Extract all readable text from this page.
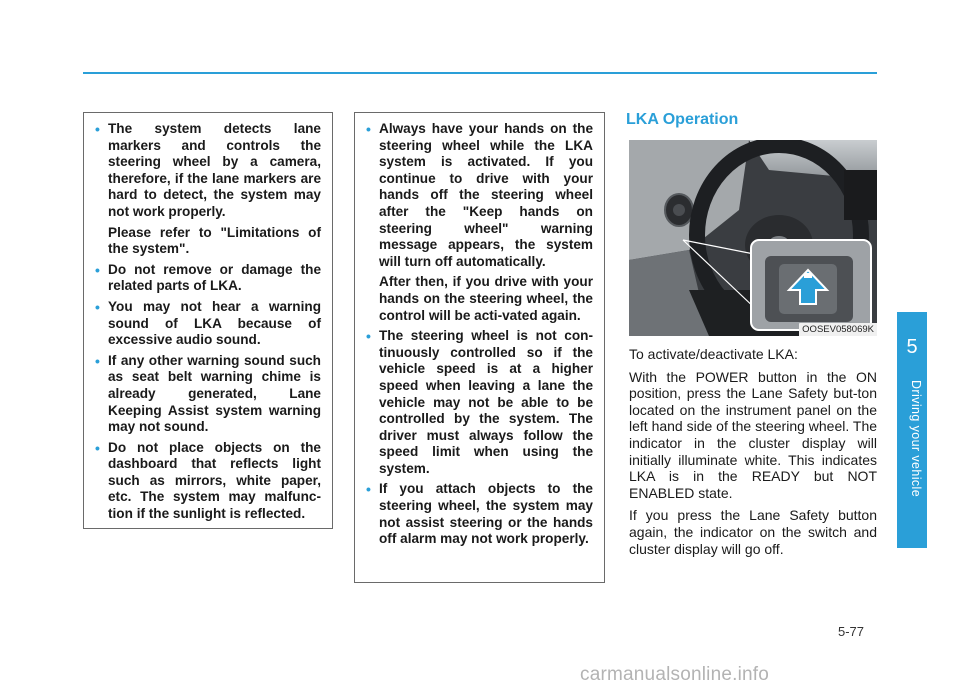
5
Driving your vehicle
• The system detects lane markers and controls the steering wheel by a camera, therefore, if the lane markers are hard to detect, the system may not work properly.
Please refer to "Limitations of the system".
• Do not remove or damage the related parts of LKA.
• You may not hear a warning sound of LKA because of excessive audio sound.
• If any other warning sound such as seat belt warning chime is already generated, Lane Keeping Assist system warning may not sound.
• Do not place objects on the dashboard that reflects light such as mirrors, white paper, etc. The system may malfunc-tion if the sunlight is reflected.
• Always have your hands on the steering wheel while the LKA system is activated. If you continue to drive with your hands off the steering wheel after the "Keep hands on steering wheel" warning message appears, the system will turn off automatically.
After then, if you drive with your hands on the steering wheel, the control will be acti-vated again.
• The steering wheel is not con-tinuously controlled so if the vehicle speed is at a higher speed when leaving a lane the vehicle may not be able to be controlled by the system. The driver must always follow the speed limit when using the system.
• If you attach objects to the steering wheel, the system may not assist steering or the hands off alarm may not work properly.
LKA Operation
OOSEV058069K

To activate/deactivate LKA:

With the POWER button in the ON position, press the Lane Safety but-ton located on the instrument panel on the left hand side of the steering wheel. The indicator in the cluster display will initially illuminate white. This indicates LKA is in the READY but NOT ENABLED state.

If you press the Lane Safety button again, the indicator on the switch and cluster display will go off.

5-77
carmanualsonline.info
